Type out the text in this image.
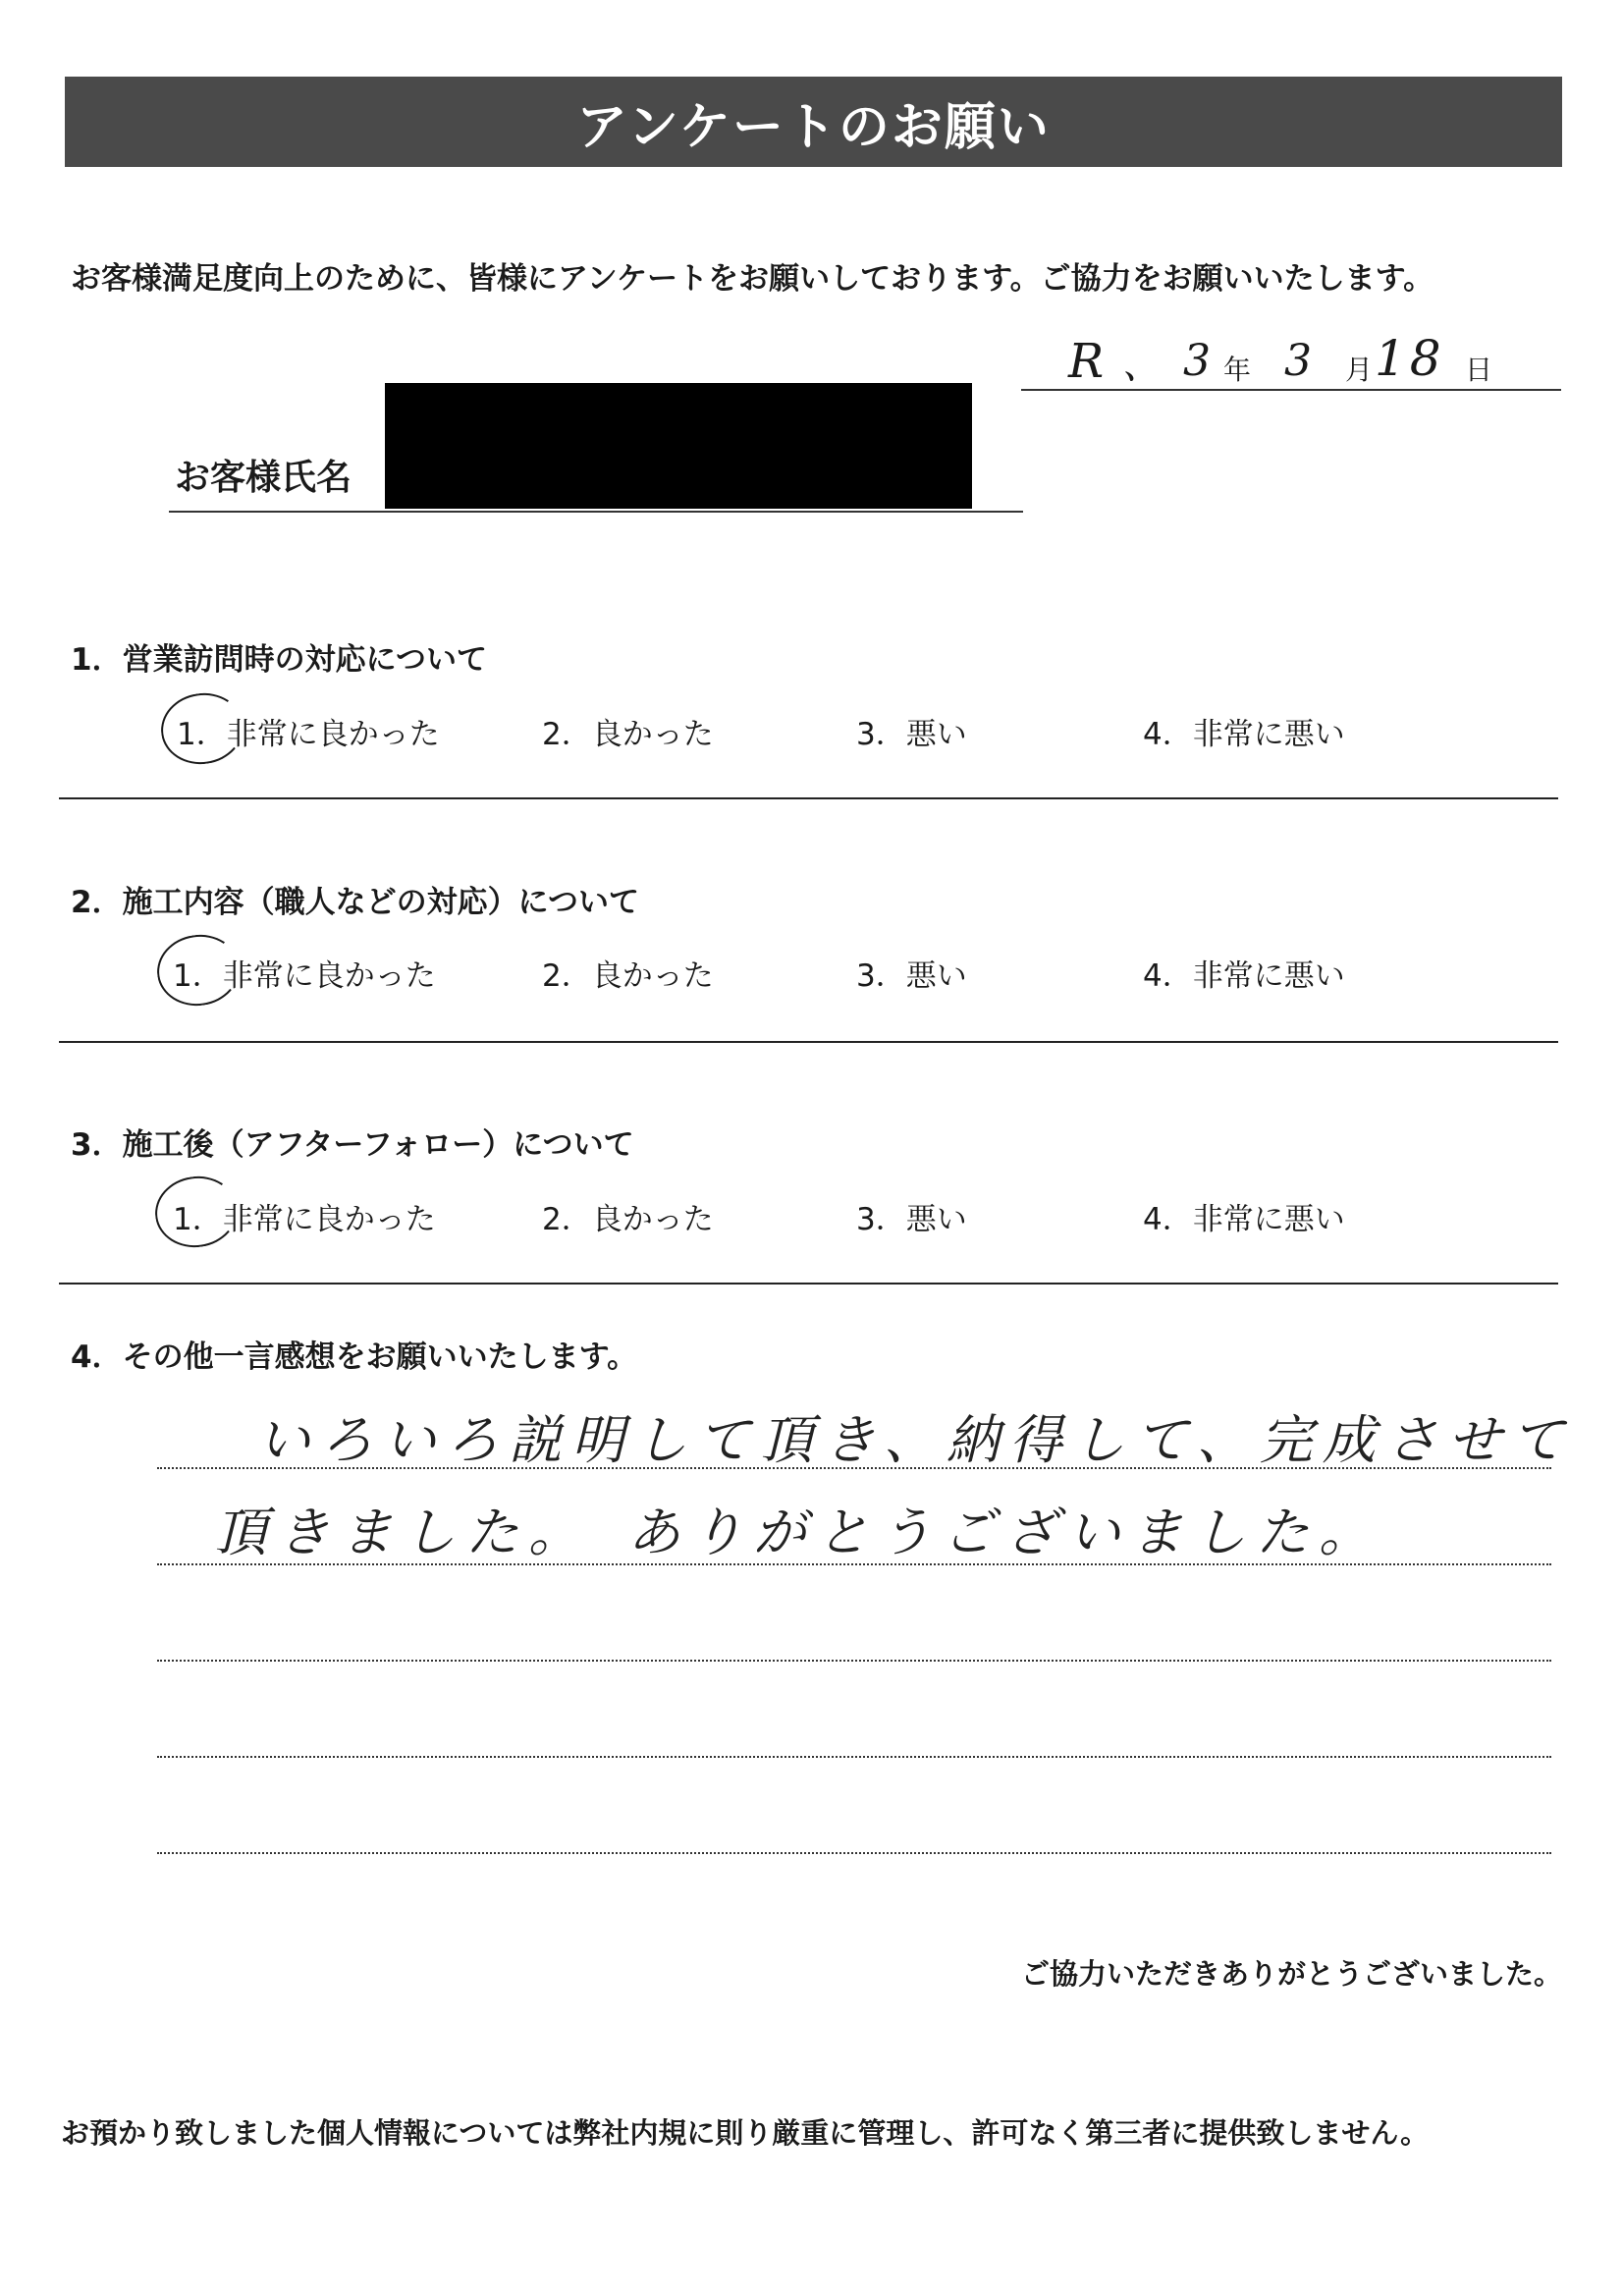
アンケートのお願い
お客様満足度向上のために、皆様にアンケートをお願いしております。ご協力をお願いいたします。
R 、 3 年 3 月 18 日
お客様氏名
1．営業訪問時の対応について
1．非常に良かった	2．良かった	3．悪い	4．非常に悪い
2．施工内容（職人などの対応）について
1．非常に良かった	2．良かった	3．悪い	4．非常に悪い
3．施工後（アフターフォロー）について
1．非常に良かった	2．良かった	3．悪い	4．非常に悪い
4．その他一言感想をお願いいたします。
いろいろ説明して頂き、納得して、完成させて
頂きました。　ありがとうございました。
ご協力いただきありがとうございました。
お預かり致しました個人情報については弊社内規に則り厳重に管理し、許可なく第三者に提供致しません。
